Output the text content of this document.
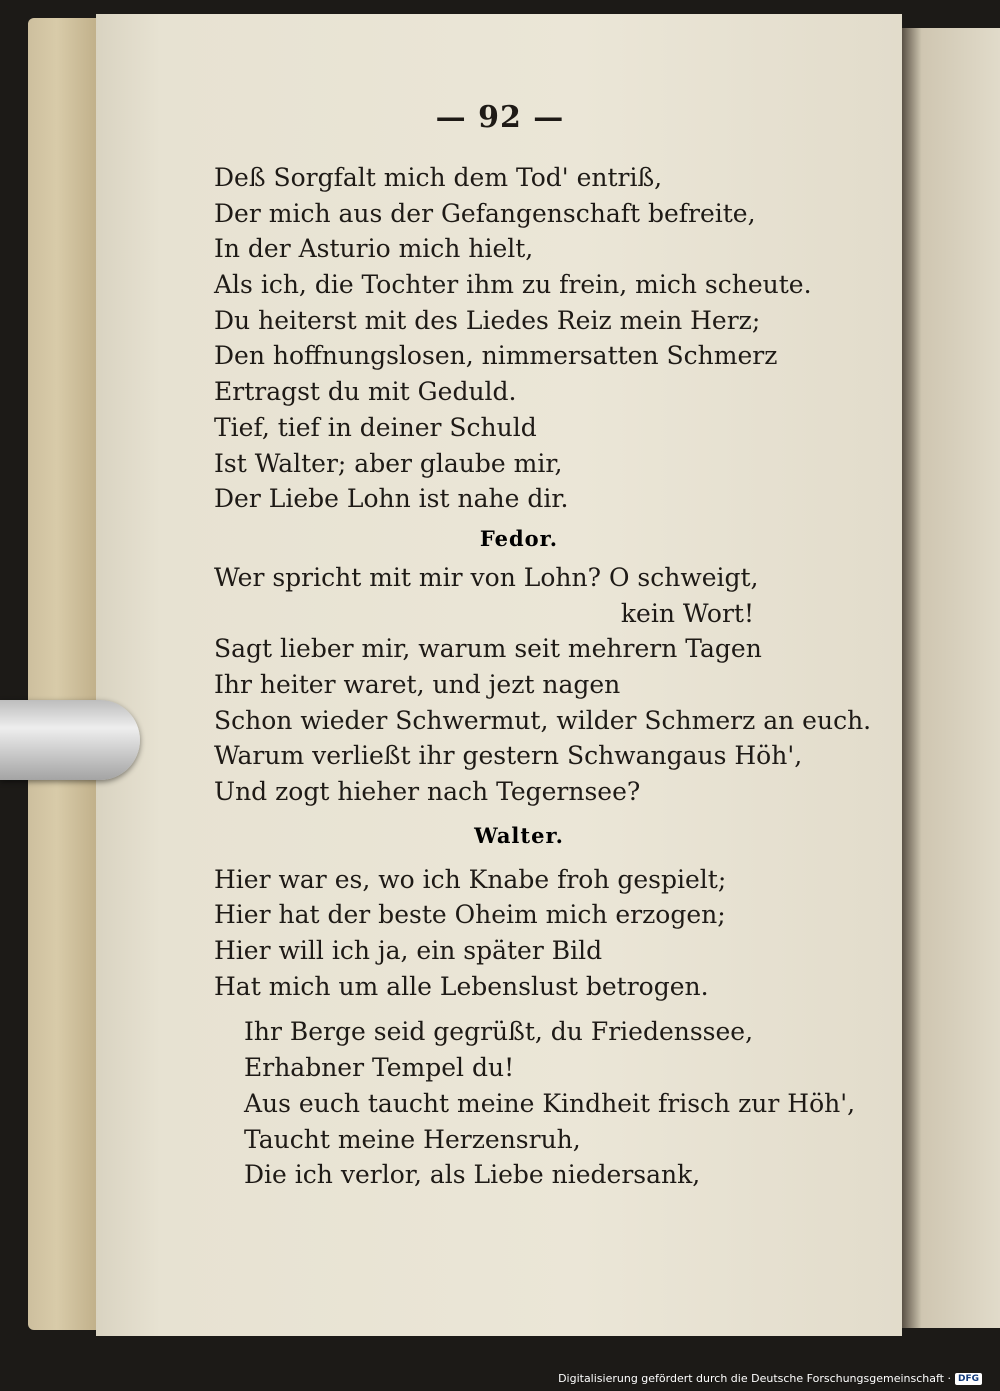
— 92 —
Deß Sorgfalt mich dem Tod' entriß,
Der mich aus der Gefangenschaft befreite,
In der Asturio mich hielt,
Als ich, die Tochter ihm zu frein, mich scheute.
Du heiterst mit des Liedes Reiz mein Herz;
Den hoffnungslosen, nimmersatten Schmerz
Ertragst du mit Geduld.
Tief, tief in deiner Schuld
Ist Walter; aber glaube mir,
Der Liebe Lohn ist nahe dir.
Fedor.
Wer spricht mit mir von Lohn? O schweigt,
kein Wort!
Sagt lieber mir, warum seit mehrern Tagen
Ihr heiter waret, und jezt nagen
Schon wieder Schwermut, wilder Schmerz an euch.
Warum verließt ihr gestern Schwangaus Höh',
Und zogt hieher nach Tegernsee?
Walter.
Hier war es, wo ich Knabe froh gespielt;
Hier hat der beste Oheim mich erzogen;
Hier will ich ja, ein später Bild
Hat mich um alle Lebenslust betrogen.
Ihr Berge seid gegrüßt, du Friedenssee,
Erhabner Tempel du!
Aus euch taucht meine Kindheit frisch zur Höh',
Taucht meine Herzensruh,
Die ich verlor, als Liebe niedersank,
Digitalisierung gefördert durch die Deutsche Forschungsgemeinschaft · DFG
